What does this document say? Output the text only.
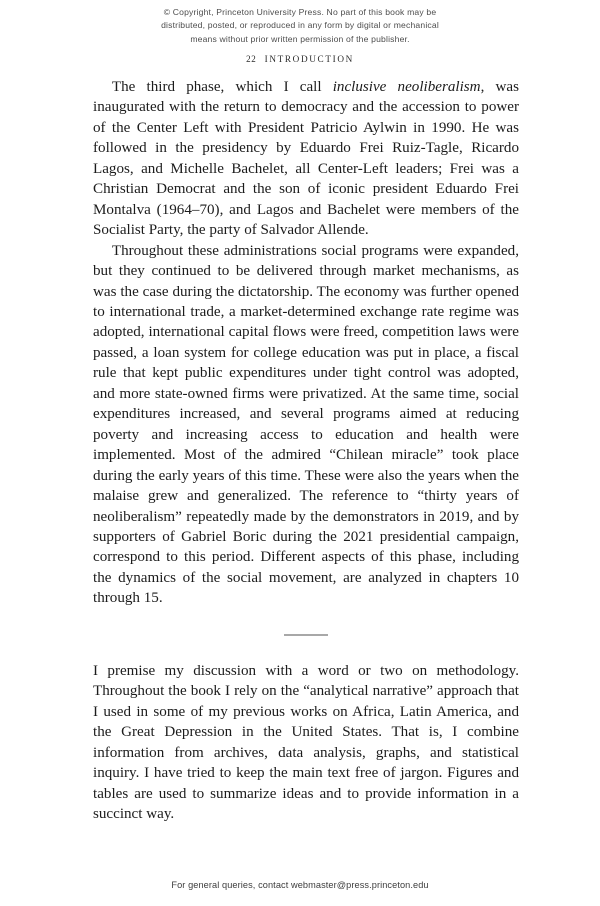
© Copyright, Princeton University Press. No part of this book may be
distributed, posted, or reproduced in any form by digital or mechanical
means without prior written permission of the publisher.
22 INTRODUCTION

The third phase, which I call inclusive neoliberalism, was inaugurated with the return to democracy and the accession to power of the Center Left with President Patricio Aylwin in 1990. He was followed in the presidency by Eduardo Frei Ruiz-Tagle, Ricardo Lagos, and Michelle Bachelet, all Center-Left leaders; Frei was a Christian Democrat and the son of iconic president Eduardo Frei Montalva (1964–70), and Lagos and Bachelet were members of the Socialist Party, the party of Salvador Allende.

Throughout these administrations social programs were expanded, but they continued to be delivered through market mechanisms, as was the case during the dictatorship. The economy was further opened to international trade, a market-determined exchange rate regime was adopted, international capital flows were freed, competition laws were passed, a loan system for college education was put in place, a fiscal rule that kept public expenditures under tight control was adopted, and more state-owned firms were privatized. At the same time, social expenditures increased, and several programs aimed at reducing poverty and increasing access to education and health were implemented. Most of the admired “Chilean miracle” took place during the early years of this time. These were also the years when the malaise grew and generalized. The reference to “thirty years of neoliberalism” repeatedly made by the demonstrators in 2019, and by supporters of Gabriel Boric during the 2021 presidential campaign, correspond to this period. Different aspects of this phase, including the dynamics of the social movement, are analyzed in chapters 10 through 15.

I premise my discussion with a word or two on methodology. Throughout the book I rely on the “analytical narrative” approach that I used in some of my previous works on Africa, Latin America, and the Great Depression in the United States. That is, I combine information from archives, data analysis, graphs, and statistical inquiry. I have tried to keep the main text free of jargon. Figures and tables are used to summarize ideas and to provide information in a succinct way.

For general queries, contact webmaster@press.princeton.edu
